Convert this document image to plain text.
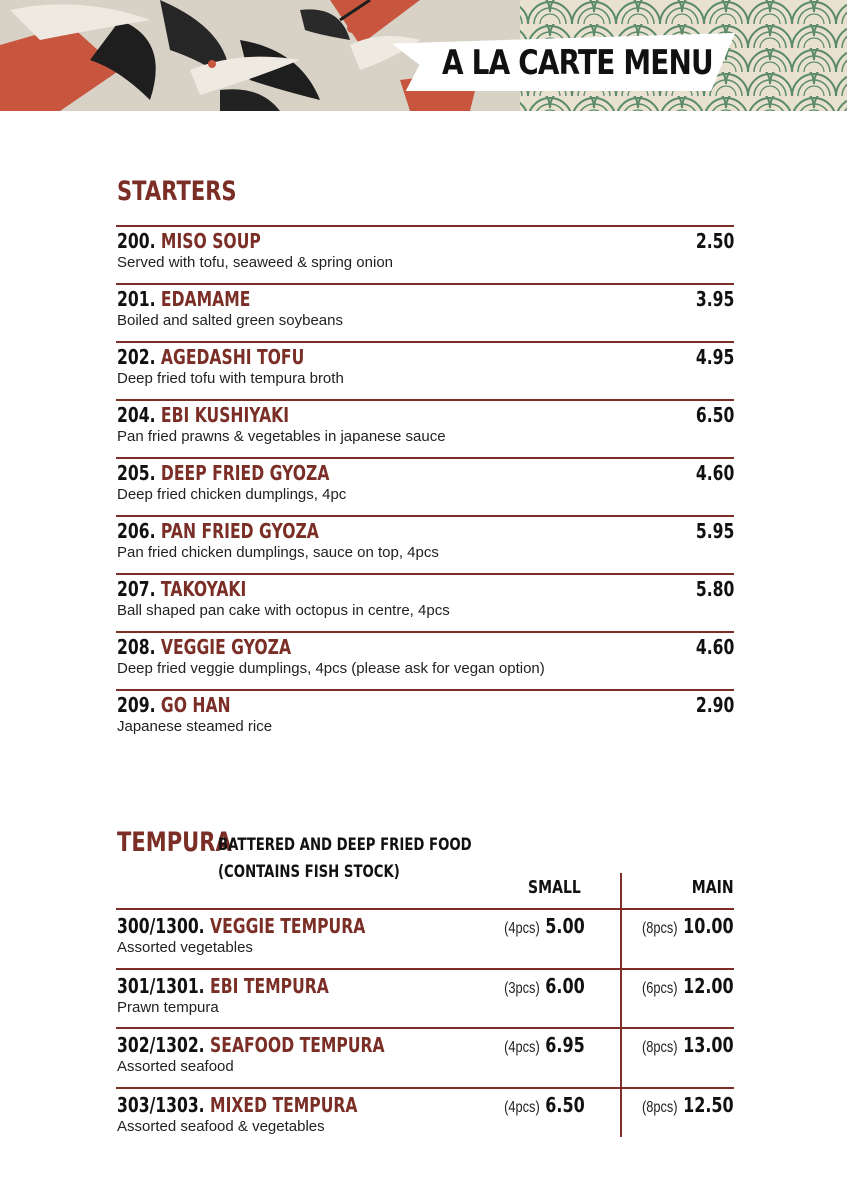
A LA CARTE MENU
STARTERS
200. MISO SOUP	2.50
Served with tofu, seaweed & spring onion
201. EDAMAME	3.95
Boiled and salted green soybeans
202. AGEDASHI TOFU	4.95
Deep fried tofu with tempura broth
204. EBI KUSHIYAKI	6.50
Pan fried prawns & vegetables in japanese sauce
205. DEEP FRIED GYOZA	4.60
Deep fried chicken dumplings, 4pc
206. PAN FRIED GYOZA	5.95
Pan fried chicken dumplings, sauce on top, 4pcs
207. TAKOYAKI	5.80
Ball shaped pan cake with octopus in centre, 4pcs
208. VEGGIE GYOZA	4.60
Deep fried veggie dumplings, 4pcs (please ask for vegan option)
209. GO HAN	2.90
Japanese steamed rice
TEMPURA
BATTERED AND DEEP FRIED FOOD
(CONTAINS FISH STOCK)
SMALL	MAIN
300/1300. VEGGIE TEMPURA
Assorted vegetables
(4pcs) 5.00	(8pcs) 10.00
301/1301. EBI TEMPURA
Prawn tempura
(3pcs) 6.00	(6pcs) 12.00
302/1302. SEAFOOD TEMPURA
Assorted seafood
(4pcs) 6.95	(8pcs) 13.00
303/1303. MIXED TEMPURA
Assorted seafood & vegetables
(4pcs) 6.50	(8pcs) 12.50
